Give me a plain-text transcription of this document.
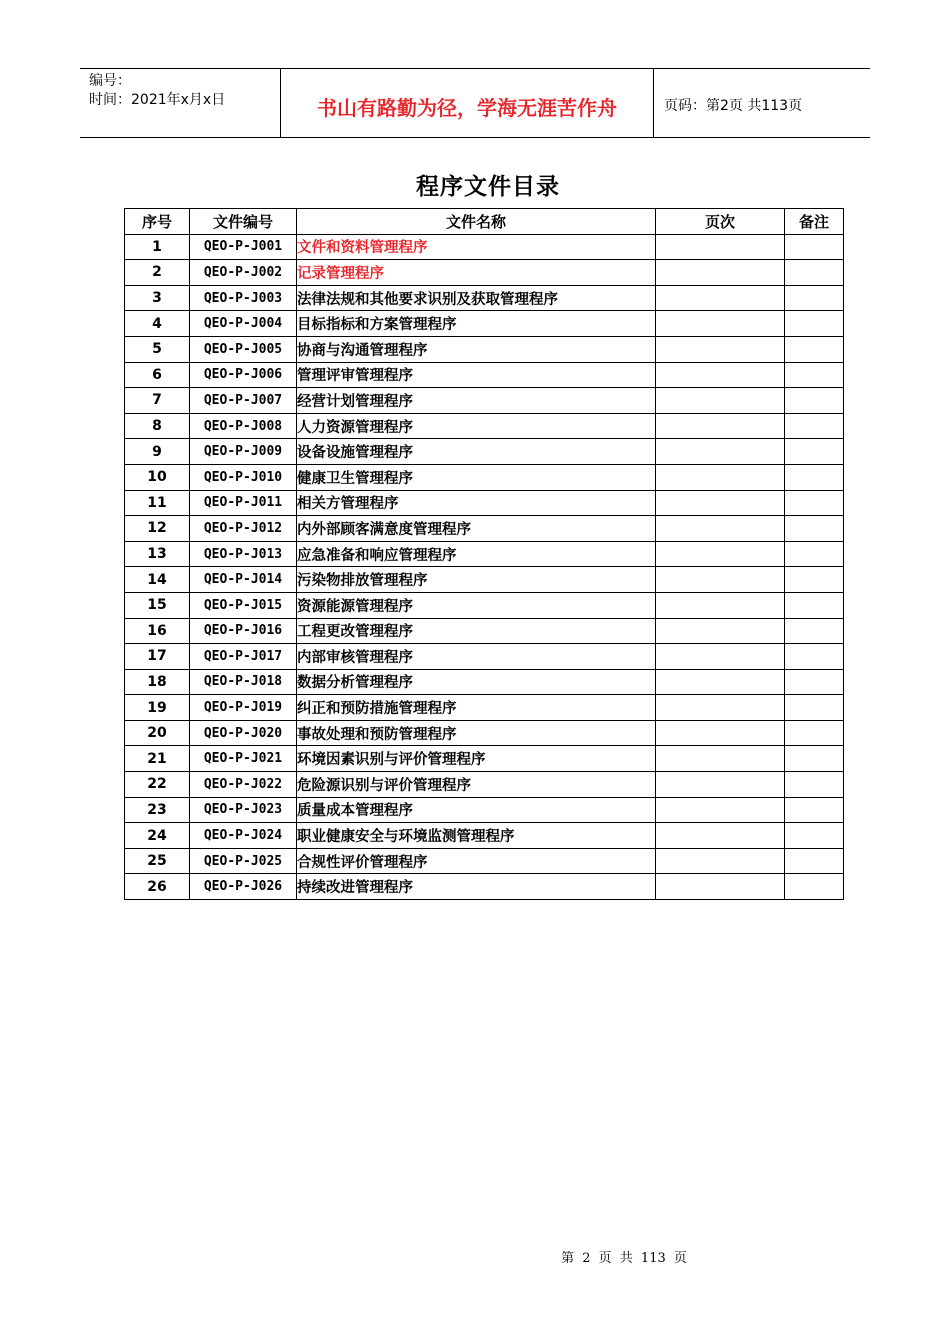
编号：
时间：2021年x月x日	书山有路勤为径，学海无涯苦作舟	页码：第2页 共113页
程序文件目录
序号	文件编号	文件名称	页次	备注
1	QEO-P-J001	文件和资料管理程序		
2	QEO-P-J002	记录管理程序		
3	QEO-P-J003	法律法规和其他要求识别及获取管理程序		
4	QEO-P-J004	目标指标和方案管理程序		
5	QEO-P-J005	协商与沟通管理程序		
6	QEO-P-J006	管理评审管理程序		
7	QEO-P-J007	经营计划管理程序		
8	QEO-P-J008	人力资源管理程序		
9	QEO-P-J009	设备设施管理程序		
10	QEO-P-J010	健康卫生管理程序		
11	QEO-P-J011	相关方管理程序		
12	QEO-P-J012	内外部顾客满意度管理程序		
13	QEO-P-J013	应急准备和响应管理程序		
14	QEO-P-J014	污染物排放管理程序		
15	QEO-P-J015	资源能源管理程序		
16	QEO-P-J016	工程更改管理程序		
17	QEO-P-J017	内部审核管理程序		
18	QEO-P-J018	数据分析管理程序		
19	QEO-P-J019	纠正和预防措施管理程序		
20	QEO-P-J020	事故处理和预防管理程序		
21	QEO-P-J021	环境因素识别与评价管理程序		
22	QEO-P-J022	危险源识别与评价管理程序		
23	QEO-P-J023	质量成本管理程序		
24	QEO-P-J024	职业健康安全与环境监测管理程序		
25	QEO-P-J025	合规性评价管理程序		
26	QEO-P-J026	持续改进管理程序		
第 2 页 共 113 页
